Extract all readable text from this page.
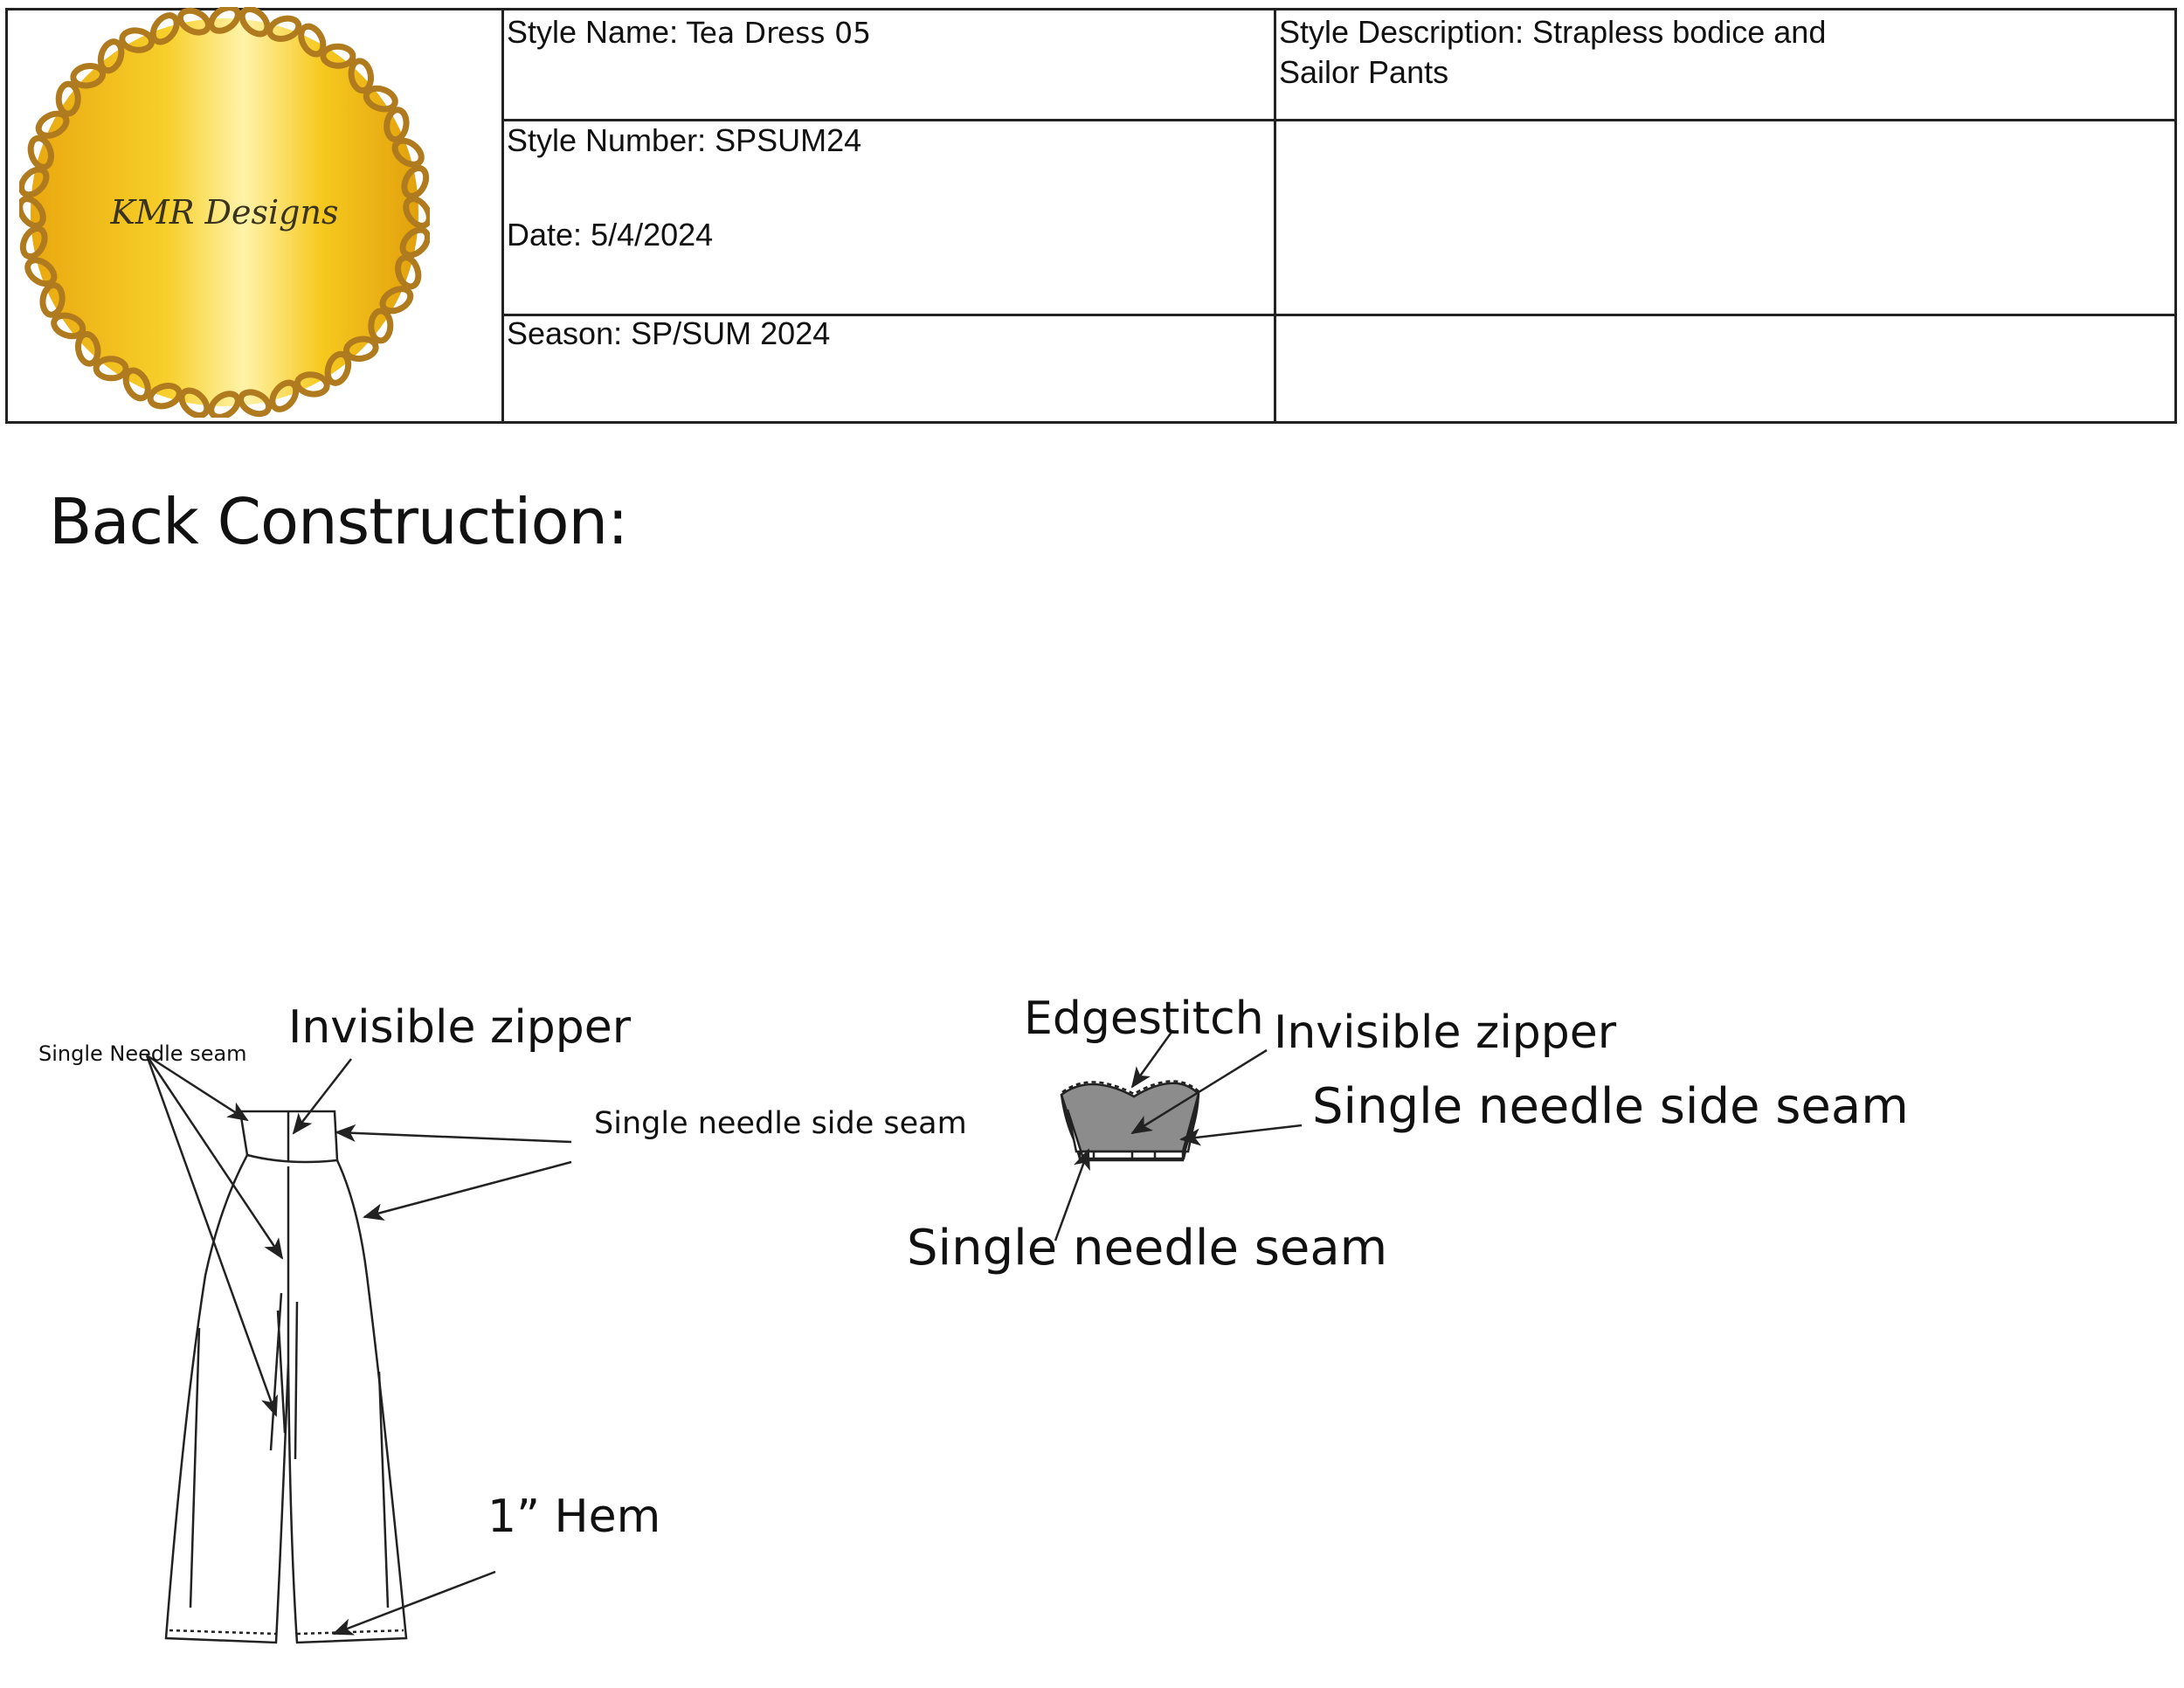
Style Name: Tea Dress 05	Style Description: Strapless bodice and
Sailor Pants
Style Number: SPSUM24
Date: 5/4/2024
Season: SP/SUM 2024
KMR Designs
Back Construction:
Single Needle seam Invisible zipper
Single needle side seam
1” Hem
Edgestitch Invisible zipper
Single needle side seam
Single needle seam
